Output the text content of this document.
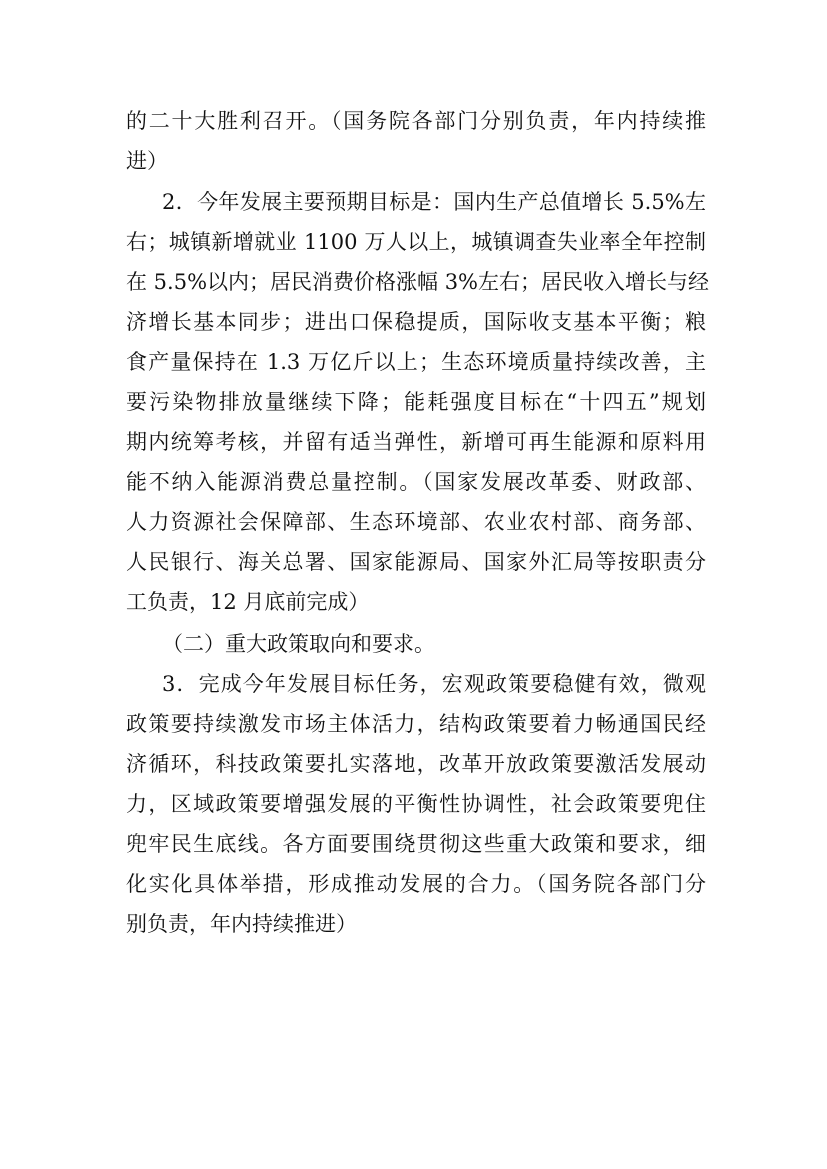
的二十大胜利召开。（国务院各部门分别负责，年内持续推
进）
2．今年发展主要预期目标是：国内生产总值增长 5.5%左
右；城镇新增就业 1100 万人以上，城镇调查失业率全年控制
在 5.5%以内；居民消费价格涨幅 3%左右；居民收入增长与经
济增长基本同步；进出口保稳提质，国际收支基本平衡；粮
食产量保持在 1.3 万亿斤以上；生态环境质量持续改善，主
要污染物排放量继续下降；能耗强度目标在“十四五”规划
期内统筹考核，并留有适当弹性，新增可再生能源和原料用
能不纳入能源消费总量控制。（国家发展改革委、财政部、
人力资源社会保障部、生态环境部、农业农村部、商务部、
人民银行、海关总署、国家能源局、国家外汇局等按职责分
工负责，12 月底前完成）
（二）重大政策取向和要求。
3．完成今年发展目标任务，宏观政策要稳健有效，微观
政策要持续激发市场主体活力，结构政策要着力畅通国民经
济循环，科技政策要扎实落地，改革开放政策要激活发展动
力，区域政策要增强发展的平衡性协调性，社会政策要兜住
兜牢民生底线。各方面要围绕贯彻这些重大政策和要求，细
化实化具体举措，形成推动发展的合力。（国务院各部门分
别负责，年内持续推进）
